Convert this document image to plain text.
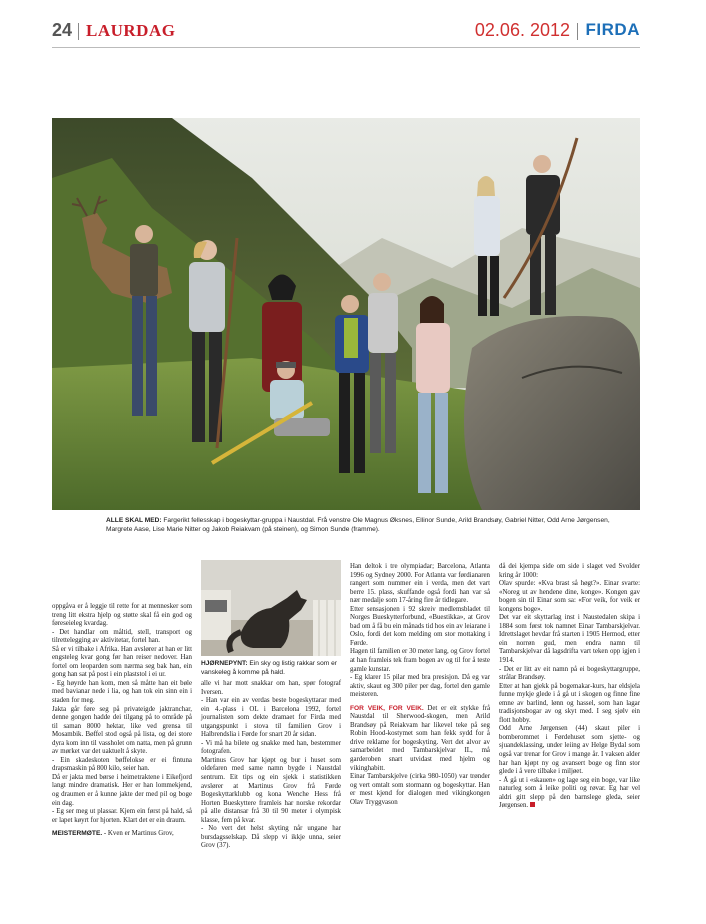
24 LAURDAG	02.06. 2012 FIRDA
ALLE SKAL MED: Fargerikt fellesskap i bogeskyttar-gruppa i Naustdal. Frå venstre Ole Magnus Øksnes, Ellinor Sunde, Arild Brandsøy, Gabriel Nitter, Odd Arne Jørgensen, Margrete Aase, Lise Marie Nitter og Jakob Reiakvam (på steinen), og Simon Sunde (framme).
HJØRNEPYNT: Ein sky og listig rakkar som er vanskeleg å komme på hald.

oppgåva er å leggje til rette for at mennesker som treng litt ekstra hjelp og støtte skal få ein god og føreseieleg kvardag.

- Det handlar om måltid, stell, transport og tilrettelegging av aktivitetar, fortel han.

Så er vi tilbake i Afrika. Han avslører at han er litt engsteleg kvar gong før han reiser nedover. Han fortel om leoparden som nærma seg bak han, ein gong han sat på post i ein plaststol i ei ur.

- Eg høyrde han kom, men så måtte han eit bøle med bavianar nede i lia, og han tok ein sinn ein i staden for meg.

Jakta går føre seg på privateigde jaktranchar, denne gongen hadde dei tilgang på to område på til saman 8000 hektar, like ved grensa til Mosambik. Bøffel stod også på lista, og dei store dyra kom inn til vassholet om natta, men på grunn av mørket var det uaktuelt å skyte.

- Ein skadeskoten bøffelokse er ei fintuna drapsmaskin på 800 kilo, seier han.

Då er jakta med børse i heimetraktene i Eikefjord langt mindre dramatisk. Her er han lommekjend, og draumen er å kunne jakte der med pil og boge ein dag.

- Eg ser meg ut plassar. Kjem ein først på hald, så er lapet køyrt for hjorten. Klart det er ein draum.

MEISTERMØTE. - Kven er Martinus Grov,

alle vi har mott snakkar om han, spør fotograf Iversen.

- Han var ein av verdas beste bogeskyttarar med ein 4.-plass i OL i Barcelona 1992, fortel journalisten som dekte dramaet for Firda med utgangspunkt i stova til familien Grov i Halbrendslia i Førde for snart 20 år sidan.

- Vi må ha bilete og snakke med han, bestemmer fotografen.

Martinus Grov har kjøpt og bur i huset som oldefaren med same namn bygde i Naustdal sentrum. Eit tips og ein sjekk i statistikken avslører at Martinus Grov frå Førde Bogeskyttarklubb og kona Wenche Hess frå Horten Bueskyttere framleis har norske rekordar på alle distansar frå 30 til 90 meter i olympisk klasse, fem på kvar.

- No vert det helst skyting når ungane har bursdagsselskap. Då slepp vi ikkje unna, seier Grov (37).

Han deltok i tre olympiadar; Barcelona, Atlanta 1996 og Sydney 2000. For Atlanta var førdianaren rangert som nummer ein i verda, men det vart berre 15. plass, skuffande også fordi han var så nær medalje som 17-åring fire år tidlegare.

Etter sensasjonen i 92 skreiv medlemsbladet til Norges Bueskytterforbund, «Buestikka», at Grov bad om å få bu ein månads tid hos ein av leiarane i Oslo, fordi det kom melding om stor mottaking i Førde.

Hagen til familien er 30 meter lang, og Grov fortel at han framleis tek fram bogen av og til for å teste gamle kunstar.

- Eg klarer 15 pilar med bra presisjon. Då eg var aktiv, skaut eg 300 piler per dag, fortel den gamle meisteren.

FOR VEIK, FOR VEIK. Det er eit stykke frå Naustdal til Sherwood-skogen, men Arild Brandsøy på Reiakvam har likevel teke på seg Robin Hood-kostymet som han fekk sydd for å drive reklame for bogeskyting. Vert det alvor av samarbeidet med Tambarskjelvar IL, må garderoben snart utvidast med hjelm og vikinghabitt.

Einar Tambarskjelve (cirka 980-1050) var trønder og vert omtalt som stormann og bogeskyttar. Han er mest kjend for dialogen med vikingkongen Olav Tryggvason

då dei kjempa side om side i slaget ved Svolder kring år 1000:

Olav spurde: «Kva brast så høgt?». Einar svarte: «Noreg ut av hendene dine, konge». Kongen gav bogen sin til Einar som sa: «For veik, for veik er kongens boge».

Det var eit skyttarlag inst i Naustedalen skipa i 1884 som først tok namnet Einar Tambarskjelvar. Idrettslaget hevdar frå starten i 1905 Hermod, etter ein norrøn gud, men endra namn til Tambarskjelvar då lagsdrifta vart teken opp igjen i 1914.

- Det er litt av eit namn på ei bogeskyttargruppe, strålar Brandsøy.

Etter at han gjekk på bogemakar-kurs, har eldsjela funne mykje glede i å gå ut i skogen og finne fine emne av barlind, lønn og hassel, som han lagar tradisjonsbogar av og skyt med. I seg sjølv ein flott hobby.

Odd Arne Jørgensen (44) skaut piler i bomberommet i Førdehuset som sjette- og sjuandeklassing, under leiing av Helge Bydal som også var trenar for Grov i mange år. I vaksen alder har han kjøpt ny og avansert boge og finn stor glede i å vere tilbake i miljøet.

- Å gå ut i «skauen» og lage seg ein boge, var like naturleg som å leike politi og røvar. Eg har vel aldri gitt slepp på den barnslege gleda, seier Jørgensen.
